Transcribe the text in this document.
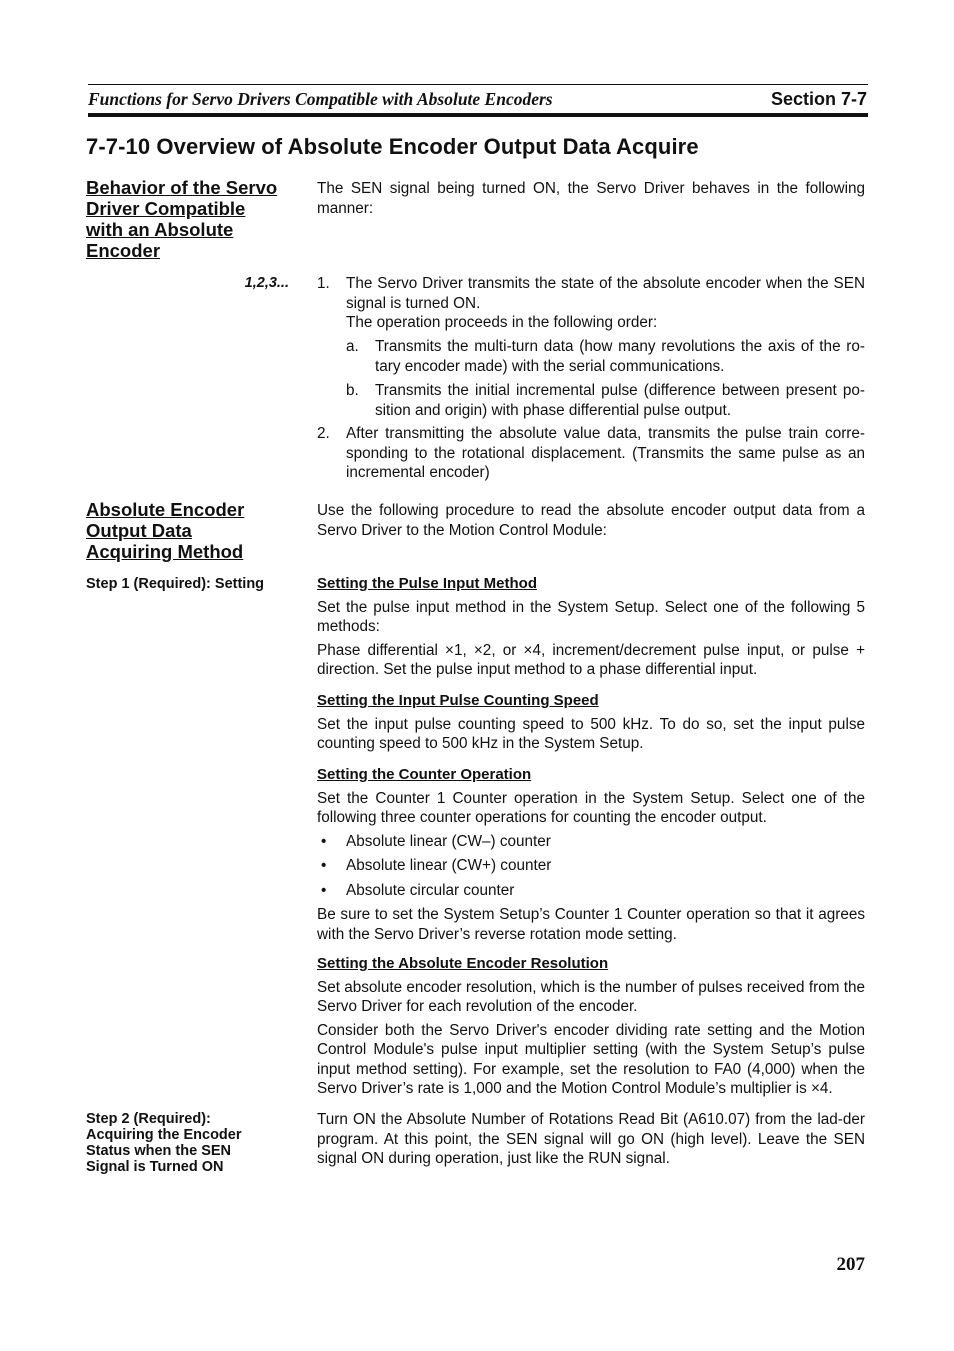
Functions for Servo Drivers Compatible with Absolute Encoders	Section 7-7
7-7-10 Overview of Absolute Encoder Output Data Acquire
Behavior of the Servo
Driver Compatible
with an Absolute
Encoder
The SEN signal being turned ON, the Servo Driver behaves in the following manner:
1,2,3... 1. The Servo Driver transmits the state of the absolute encoder when the SEN signal is turned ON.
The operation proceeds in the following order:
a. Transmits the multi-turn data (how many revolutions the axis of the ro-tary encoder made) with the serial communications.
b. Transmits the initial incremental pulse (difference between present po-sition and origin) with phase differential pulse output.
2. After transmitting the absolute value data, transmits the pulse train corre-sponding to the rotational displacement. (Transmits the same pulse as an incremental encoder)
Absolute Encoder
Output Data
Acquiring Method
Use the following procedure to read the absolute encoder output data from a Servo Driver to the Motion Control Module:
Step 1 (Required): Setting	Setting the Pulse Input Method

Set the pulse input method in the System Setup. Select one of the following 5 methods:

Phase differential ×1, ×2, or ×4, increment/decrement pulse input, or pulse + direction. Set the pulse input method to a phase differential input.

Setting the Input Pulse Counting Speed

Set the input pulse counting speed to 500 kHz. To do so, set the input pulse counting speed to 500 kHz in the System Setup.

Setting the Counter Operation

Set the Counter 1 Counter operation in the System Setup. Select one of the following three counter operations for counting the encoder output.

• Absolute linear (CW–) counter
• Absolute linear (CW+) counter
• Absolute circular counter
Be sure to set the System Setup’s Counter 1 Counter operation so that it agrees with the Servo Driver’s reverse rotation mode setting.
Setting the Absolute Encoder Resolution

Set absolute encoder resolution, which is the number of pulses received from the Servo Driver for each revolution of the encoder.

Consider both the Servo Driver's encoder dividing rate setting and the Motion Control Module's pulse input multiplier setting (with the System Setup’s pulse input method setting). For example, set the resolution to FA0 (4,000) when the Servo Driver’s rate is 1,000 and the Motion Control Module’s multiplier is ×4.

Step 2 (Required):
Acquiring the Encoder
Status when the SEN
Signal is Turned ON
Turn ON the Absolute Number of Rotations Read Bit (A610.07) from the lad-der program. At this point, the SEN signal will go ON (high level). Leave the SEN signal ON during operation, just like the RUN signal.
207
